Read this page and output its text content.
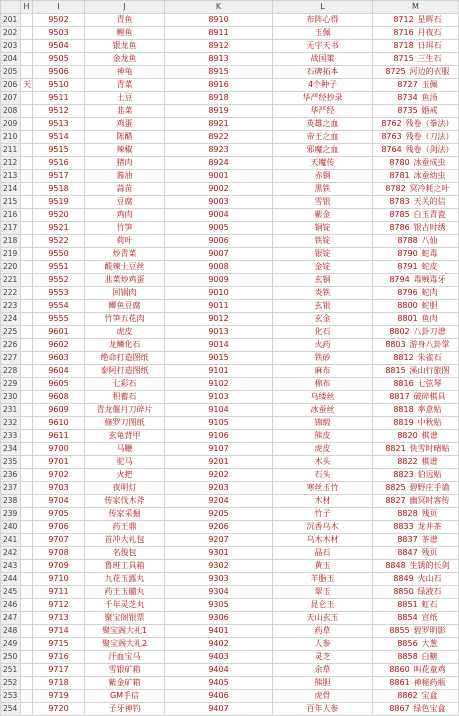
	H	I	J	K	L	M
201		9502	青鱼	8910	布阵心得	8712 星辉石
202		9503	鲤鱼	8911	玉佩	8716 月夜石
203		9504	银龙鱼	8912	无字天书	8718 日珥石
204		9505	金龙鱼	8913	战国策	8715 三生石
205		9506	神龟	8915	石碑拓本	8725 河边的衣服
206	天	9510	青菜	8916	4个种子	8727 玉佩
207		9511	土豆	8918	华严经抄录	8734 鱼汤
208		9512	韭菜	8919	华严经	8735 婚戒
209		9513	鸡蛋	8921	英雄之血	8762 残卷（拳法）
210		9514	陈醋	8922	帝王之血	8763 残卷（刀法）
211		9515	辣椒	8923	邪魔之血	8764 残卷（剑法）
212		9516	猪肉	8924	天魔传	8780 冰蚕成虫
213		9517	酱油	9001	赤铜	8781 冰蚕幼虫
214		9518	蒜苗	9002	黑铁	8782 冥冷耗之叶
215		9519	豆腐	9003	雪银	8783 天关的信
216		9520	鸡肉	9004	紫金	8785 白玉青瓷
217		9521	竹笋	9005	铜锭	8786 银古时绣
218		9522	荷叶	9006	铁锭	8788 八仙
219		9550	炒青菜	9007	银锭	8790 蛇毒
220		9551	酸辣土豆丝	9008	金锭	8791 蛇皮
221		9552	韭菜炒鸡蛋	9009	玄铜	8794 毒贼毒牙
222		9553	回锅肉	9010	炎铁	8796 蛇肉
223		9554	鲫鱼豆腐	9011	玄银	8800 蛇胆
224		9555	竹笋五花肉	9012	玄金	8801 鱼肉
225		9601	虎皮	9013	化石	8802 八卦刀谱
226		9602	龙鳞化石	9014	火药	8803 游身八卦掌
227		9603	绝命打造图纸	9015	铁砂	8812 朱雀石
228		9604	泰阿打造图纸	9101	麻布	8815 溪山行旅图
229		9605	七彩石	9102	棉布	8816 七弦琴
230		9608	积蓄石	9103	乌缕丝	8817 破碎棋具
231		9609	青龙偃月刀碎片	9104	冰蚕丝	8818 率意贴
232		9610	修罗刀图纸	9105	锦缎	8819 中秋贴
233		9611	玄龟背甲	9106	熊皮	8820 棋谱
234		9700	马鞭	9107	虎皮	8821 快雪时晴贴
235		9701	驼马	9201	木头	8822 棋谱
236		9702	火把	9202	石头	8823 伯远贴
237		9703	夜明灯	9203	寒丝玉竹	8825 碧野庄手谕
238		9704	传家伐木斧	9204	木材	8827 幽冥时客传
239		9705	传家采掘	9205	竹子	8828 残页
240		9706	药王鼎	9206	沉香乌木	8833 龙井茶
241		9707	首冲大礼包	9207	乌木木材	8837 茶谱
242		9708	名俊包	9301	晶石	8847 残页
243		9709	鲁班工具箱	9302	黄玉	8848 生锈的长剑
244		9710	九花玉露丸	9303	羊脂玉	8849 火山石
245		9711	药王玉髓丸	9304	翠玉	8850 绿液石
246		9712	千年灵芝丸	9305	昆仑玉	8851 虹石
247		9713	聚宝阁银票	9306	天山玄玉	8854 宣纸
248		9714	聚宝阁大礼1	9401	药草	8855 碧罗明影
249		9715	聚宝阁大礼2	9402	人参	8856 大葱
250		9716	汗血宝马	9403	灵芝	8858 白糖
251		9717	雪银矿箱	9404	余草	8860 叫花童鸡
252		9718	紫金矿箱	9405	熊胆	8861 神秘药瓶
253		9719	GM手信	9406	虎骨	8862 宝盒
254		9720	子牙神钓	9407	百年人参	8867 绿色宝盒
